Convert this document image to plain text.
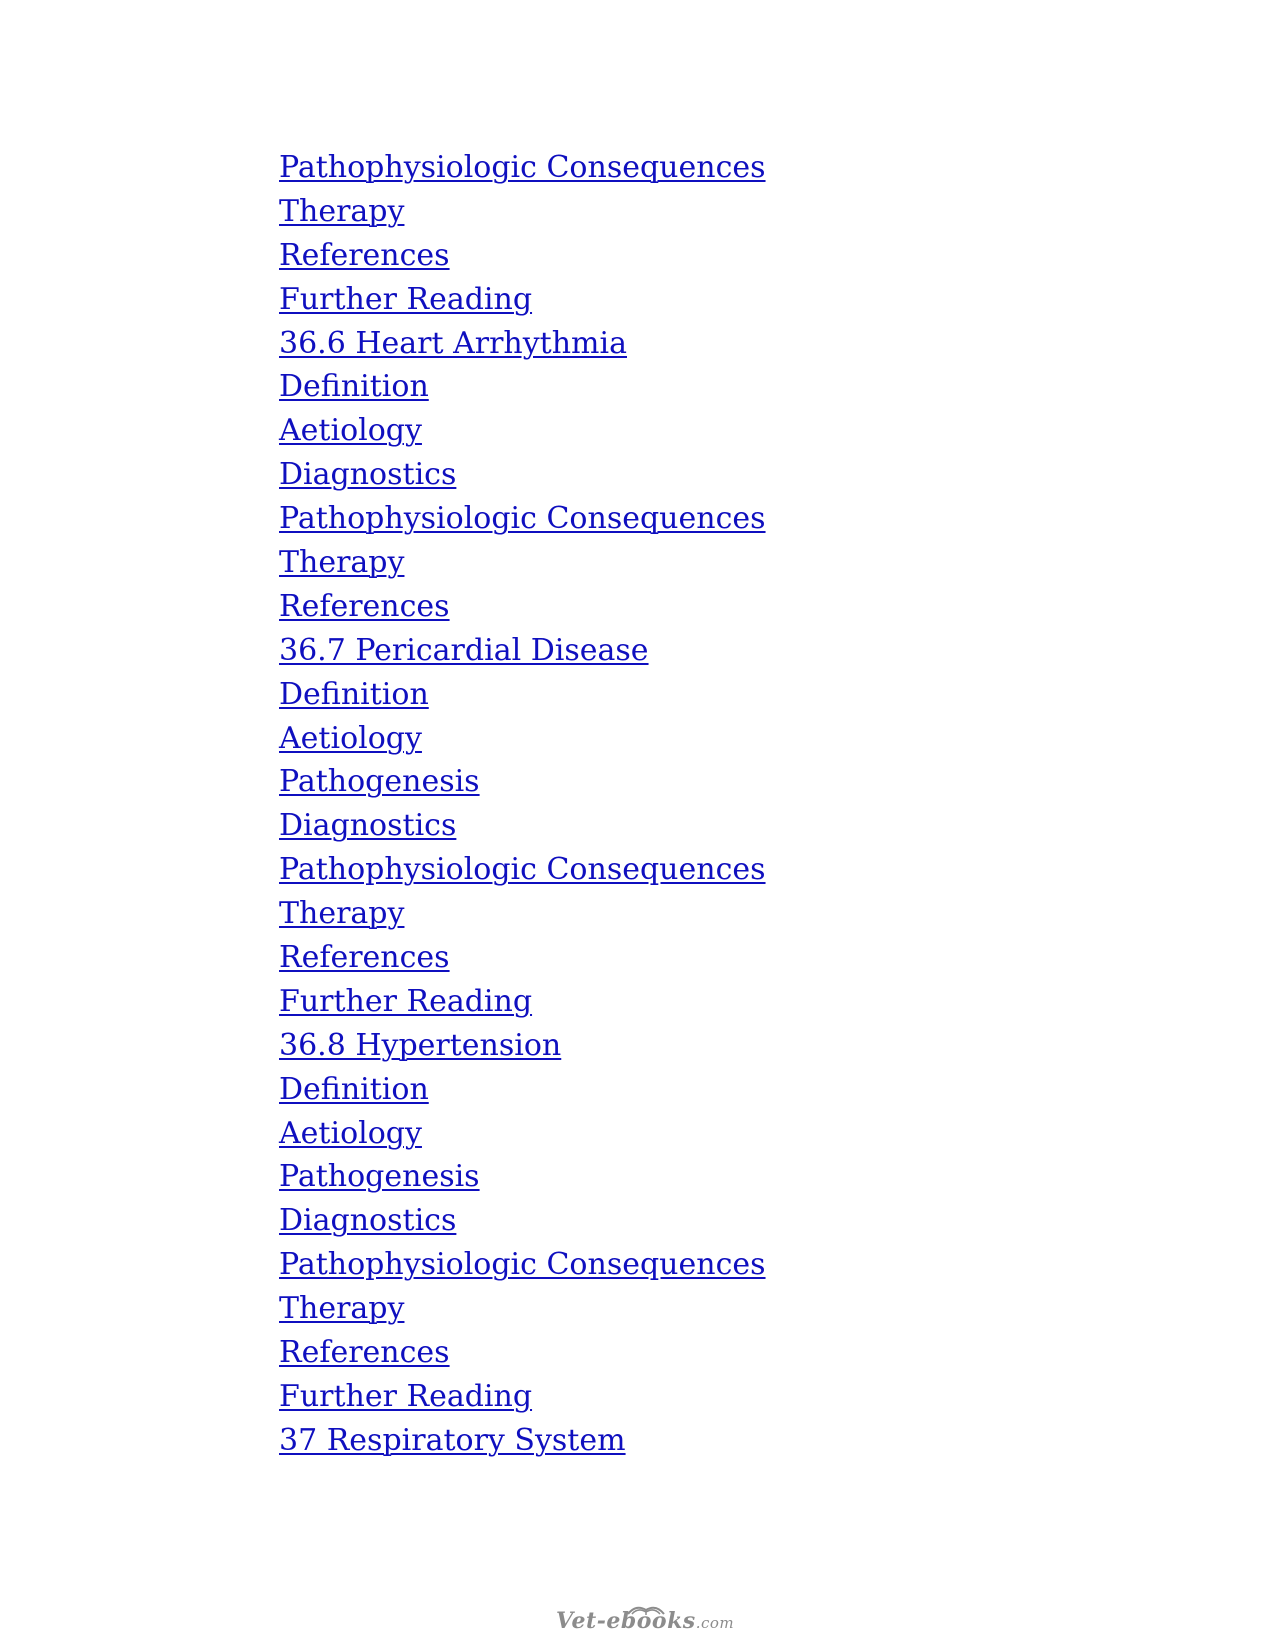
Pathophysiologic Consequences
Therapy
References
Further Reading
36.6 Heart Arrhythmia
Definition
Aetiology
Diagnostics
Pathophysiologic Consequences
Therapy
References
36.7 Pericardial Disease
Definition
Aetiology
Pathogenesis
Diagnostics
Pathophysiologic Consequences
Therapy
References
Further Reading
36.8 Hypertension
Definition
Aetiology
Pathogenesis
Diagnostics
Pathophysiologic Consequences
Therapy
References
Further Reading
37 Respiratory System
Vet-ebooks.com
